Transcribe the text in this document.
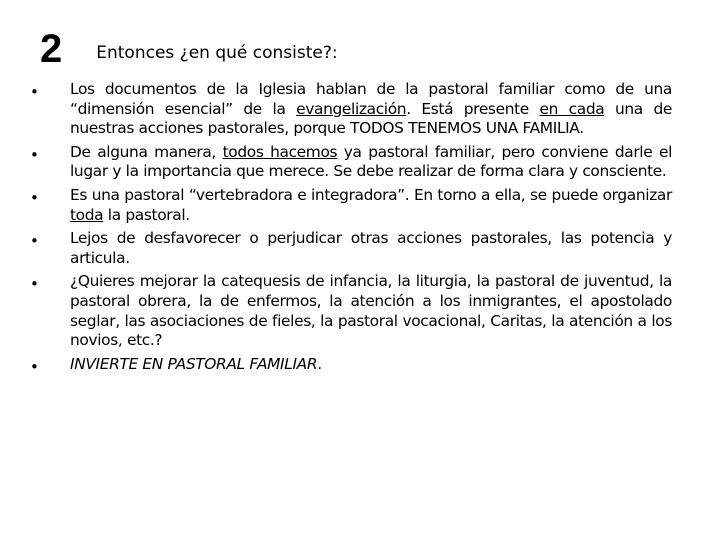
2 Entonces ¿en qué consiste?:
• Los documentos de la Iglesia hablan de la pastoral familiar como de una “dimensión esencial” de la evangelización. Está presente en cada una de nuestras acciones pastorales, porque TODOS TENEMOS UNA FAMILIA.
• De alguna manera, todos hacemos ya pastoral familiar, pero conviene darle el lugar y la importancia que merece. Se debe realizar de forma clara y consciente.
• Es una pastoral “vertebradora e integradora”. En torno a ella, se puede organizar toda la pastoral.
• Lejos de desfavorecer o perjudicar otras acciones pastorales, las potencia y articula.
• ¿Quieres mejorar la catequesis de infancia, la liturgia, la pastoral de juventud, la pastoral obrera, la de enfermos, la atención a los inmigrantes, el apostolado seglar, las asociaciones de fieles, la pastoral vocacional, Caritas, la atención a los novios, etc.?
• INVIERTE EN PASTORAL FAMILIAR.
